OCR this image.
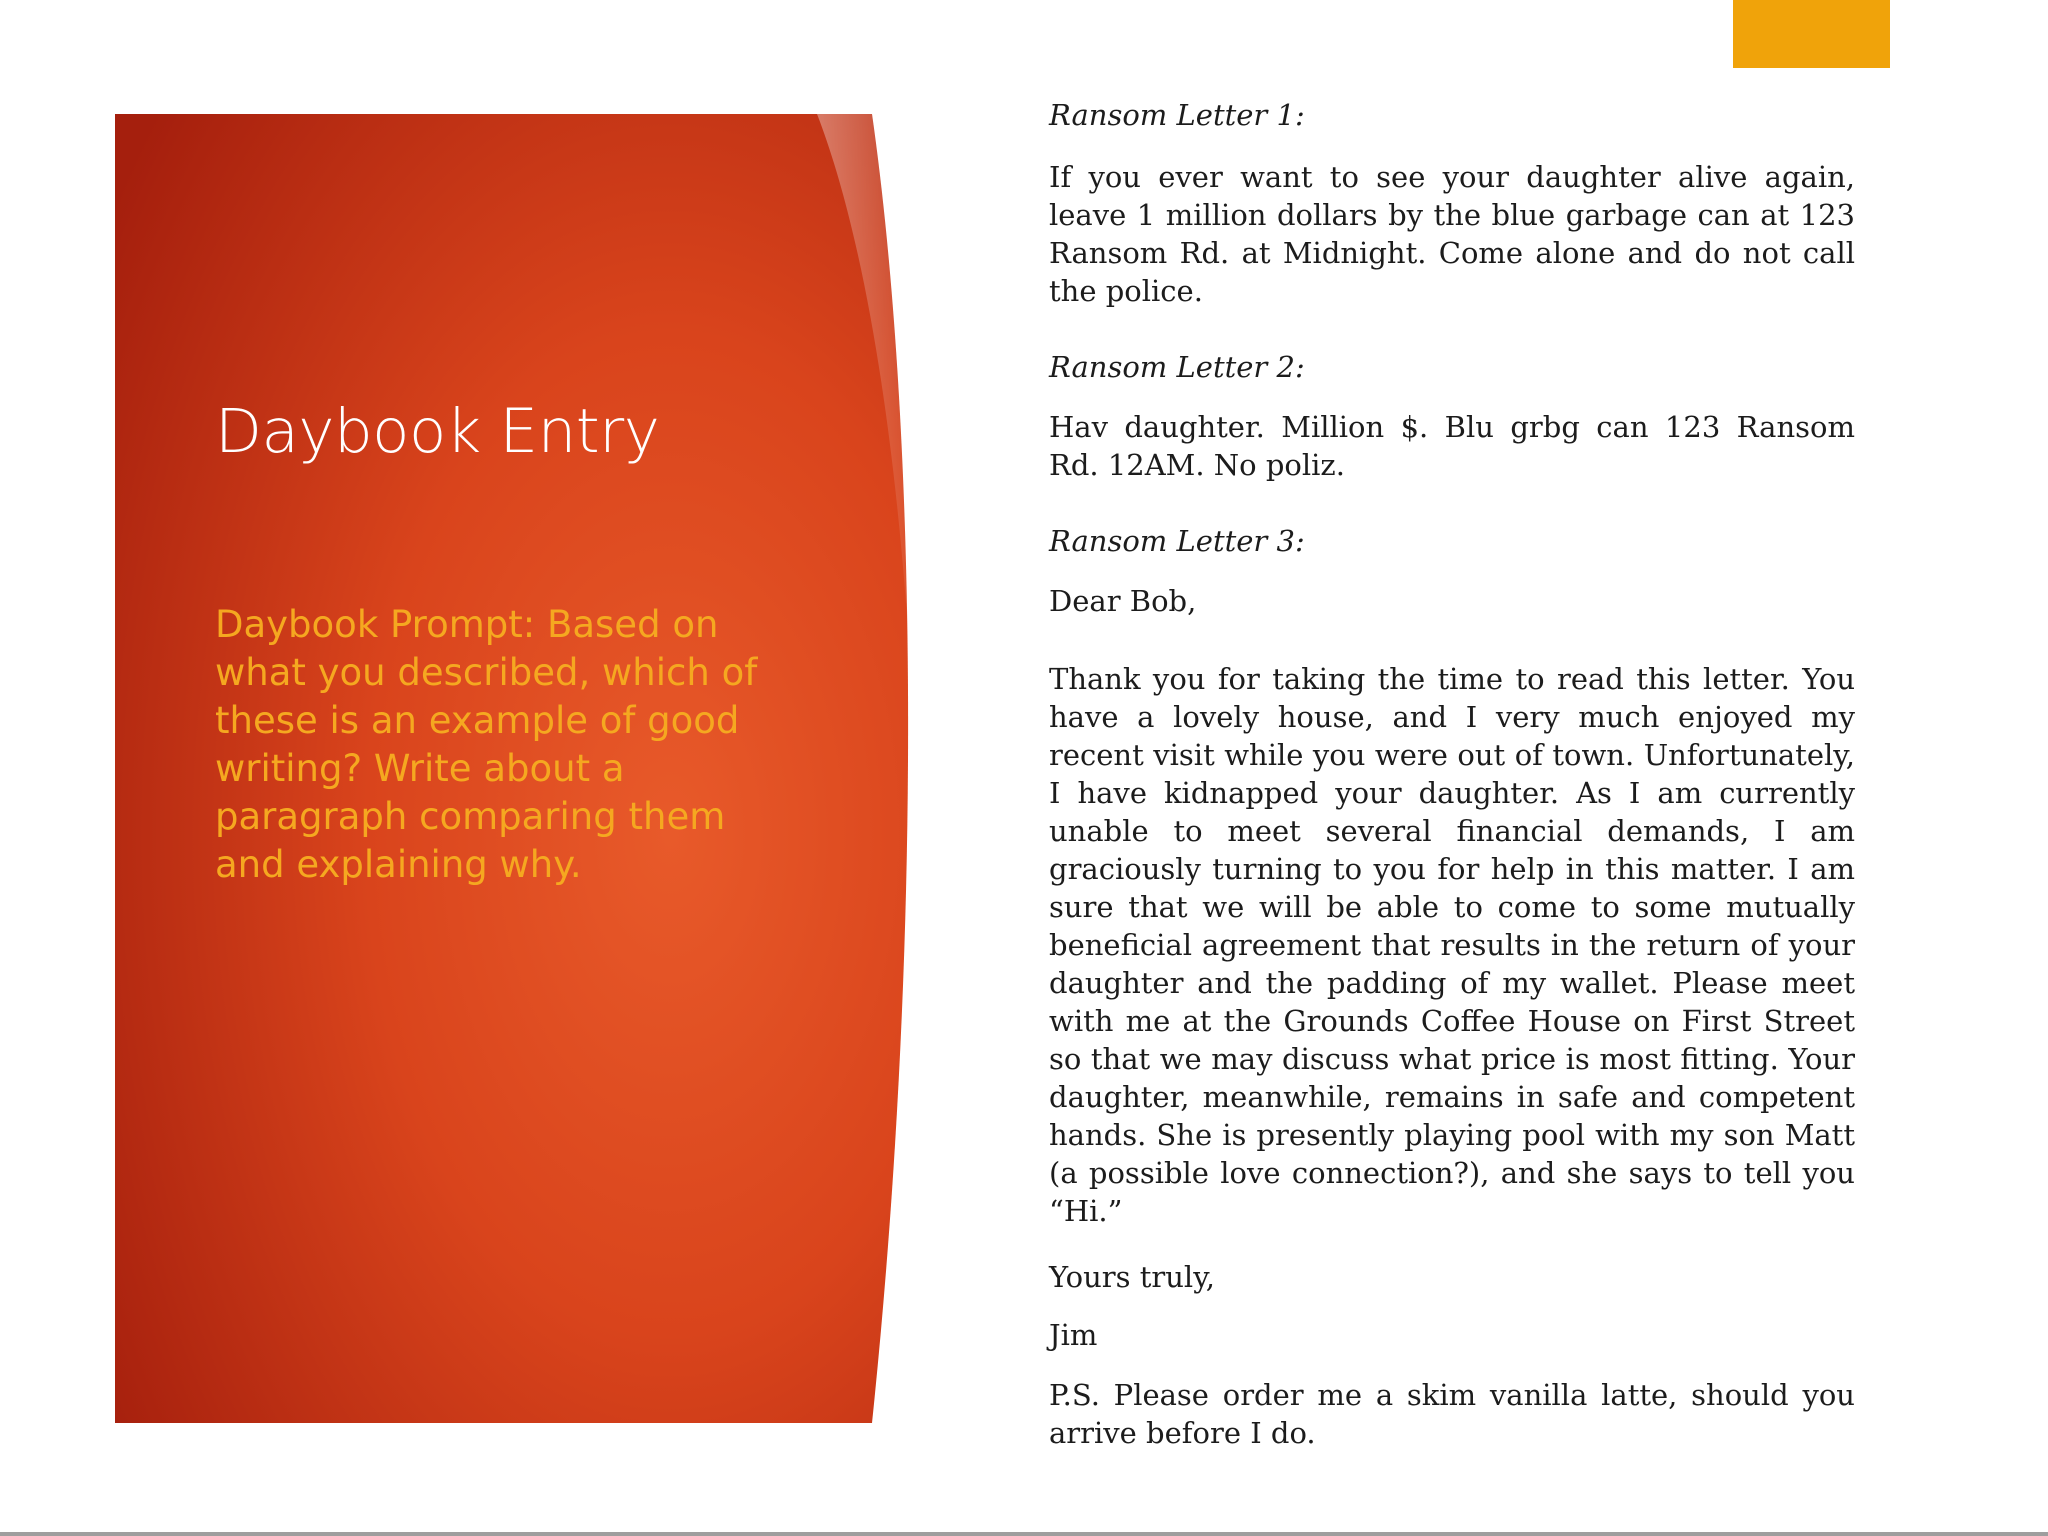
Daybook Entry

Daybook Prompt: Based on what you described, which of these is an example of good writing? Write about a paragraph comparing them and explaining why.

Ransom Letter 1:

If you ever want to see your daughter alive again, leave 1 million dollars by the blue garbage can at 123 Ransom Rd. at Midnight. Come alone and do not call the police.

Ransom Letter 2:

Hav daughter. Million $. Blu grbg can 123 Ransom Rd. 12AM. No poliz.

Ransom Letter 3:

Dear Bob,

Thank you for taking the time to read this letter. You have a lovely house, and I very much enjoyed my recent visit while you were out of town. Unfortunately, I have kidnapped your daughter. As I am currently unable to meet several financial demands, I am graciously turning to you for help in this matter. I am sure that we will be able to come to some mutually beneficial agreement that results in the return of your daughter and the padding of my wallet. Please meet with me at the Grounds Coffee House on First Street so that we may discuss what price is most fitting. Your daughter, meanwhile, remains in safe and competent hands. She is presently playing pool with my son Matt (a possible love connection?), and she says to tell you “Hi.”

Yours truly,

Jim

P.S. Please order me a skim vanilla latte, should you arrive before I do.
